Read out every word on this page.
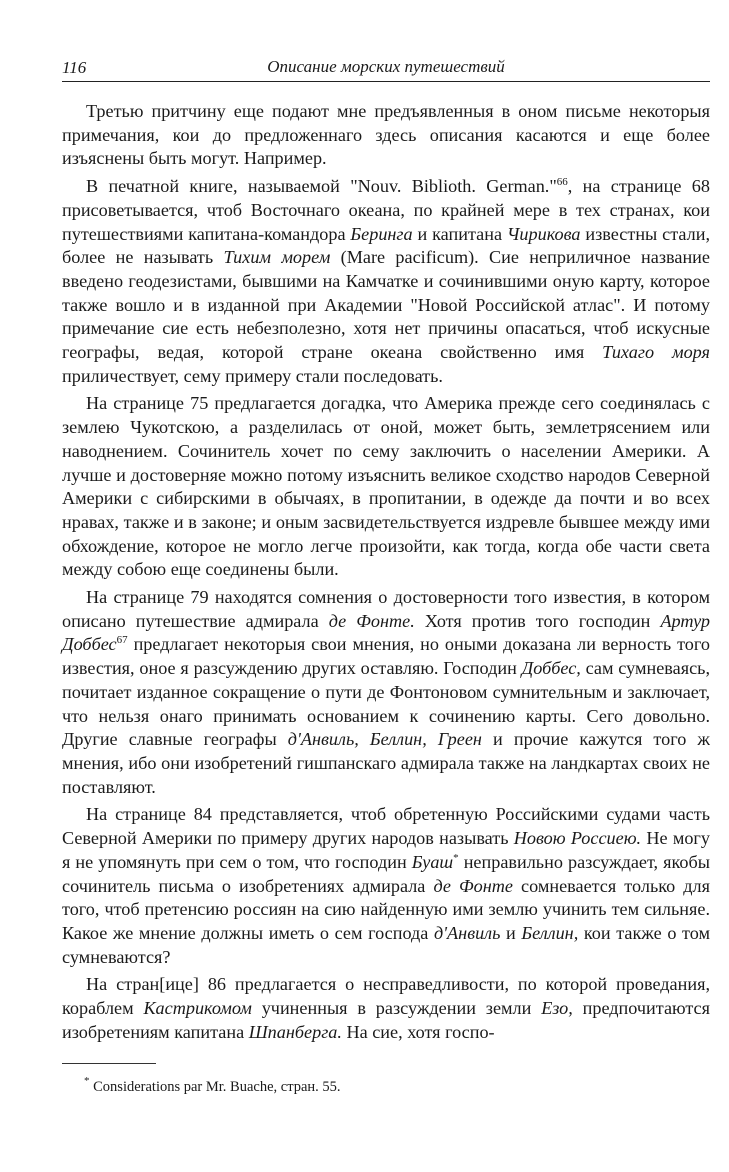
116	Описание морских путешествий

Третью притчину еще подают мне предъявленныя в оном письме некоторыя примечания, кои до предложеннаго здесь описания касаются и еще более изъяснены быть могут. Например.

В печатной книге, называемой "Nouv. Biblioth. German."$^{66}$, на странице 68 присоветывается, чтоб Восточнаго океана, по крайней мере в тех странах, кои путешествиями капитана-командора Беринга и капитана Чирикова известны стали, более не называть Тихим морем (Mare pacificum). Сие неприличное название введено геодезистами, бывшими на Камчатке и сочинившими оную карту, которое также вошло и в изданной при Академии "Новой Российской атлас". И потому примечание сие есть небезполезно, хотя нет причины опасаться, чтоб искусные географы, ведая, которой стране океана свойственно имя Тихаго моря приличествует, сему примеру стали последовать.

На странице 75 предлагается догадка, что Америка прежде сего соединялась с землею Чукотскою, а разделилась от оной, может быть, землетрясением или наводнением. Сочинитель хочет по сему заключить о населении Америки. А лучше и достоверняе можно потому изъяснить великое сходство народов Северной Америки с сибирскими в обычаях, в пропитании, в одежде да почти и во всех нравах, также и в законе; и оным засвидетельствуется издревле бывшее между ими обхождение, которое не могло легче произойти, как тогда, когда обе части света между собою еще соединены были.

На странице 79 находятся сомнения о достоверности того известия, в котором описано путешествие адмирала де Фонте. Хотя против того господин Артур Доббес$^{67}$ предлагает некоторыя свои мнения, но оными доказана ли верность того известия, оное я разсуждению других оставляю. Господин Доббес, сам сумневаясь, почитает изданное сокращение о пути де Фонтоновом сумнительным и заключает, что нельзя онаго принимать основанием к сочинению карты. Сего довольно. Другие славные географы д'Анвиль, Беллин, Греен и прочие кажутся того ж мнения, ибо они изобретений гишпанскаго адмирала также на ландкартах своих не поставляют.

На странице 84 представляется, чтоб обретенную Российскими судами часть Северной Америки по примеру других народов называть Новою Россиею. Не могу я не упомянуть при сем о том, что господин Буаш* неправильно разсуждает, якобы сочинитель письма о изобретениях адмирала де Фонте сомневается только для того, чтоб претенсию россиян на сию найденную ими землю учинить тем сильняе. Какое же мнение должны иметь о сем господа д'Анвиль и Беллин, кои также о том сумневаются?

На стран[ице] 86 предлагается о несправедливости, по которой проведания, кораблем Кастрикомом учиненныя в разсуждении земли Езо, предпочитаются изобретениям капитана Шпанберга. На сие, хотя госпо-

* Considerations par Mr. Buache, стран. 55.
